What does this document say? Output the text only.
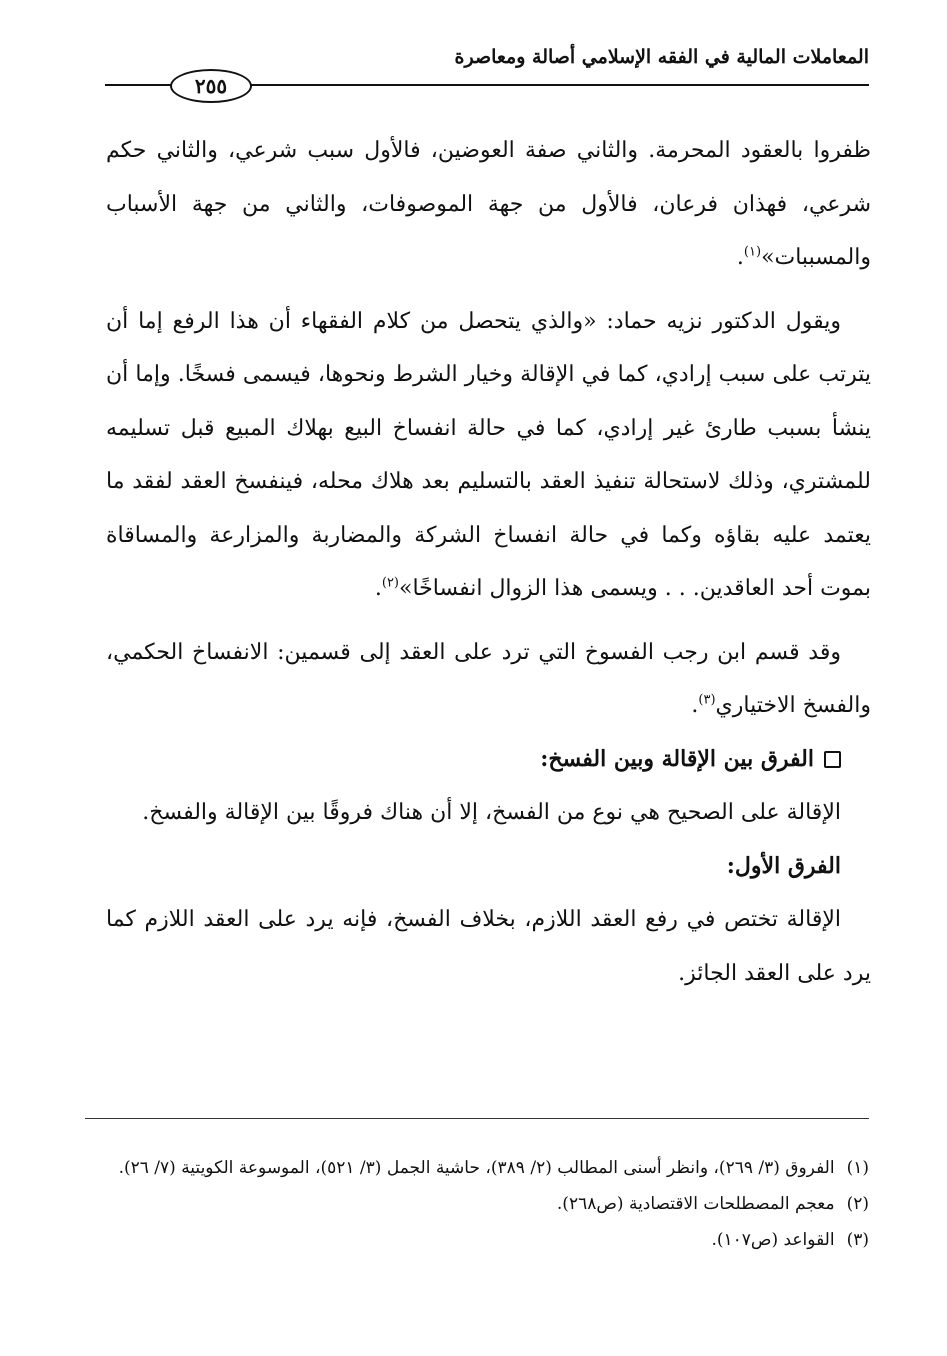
المعاملات المالية في الفقه الإسلامي أصالة ومعاصرة
٢٥٥

ظفروا بالعقود المحرمة. والثاني صفة العوضين، فالأول سبب شرعي، والثاني حكم شرعي، فهذان فرعان، فالأول من جهة الموصوفات، والثاني من جهة الأسباب والمسببات»$^{(١)}$.

ويقول الدكتور نزيه حماد: «والذي يتحصل من كلام الفقهاء أن هذا الرفع إما أن يترتب على سبب إرادي، كما في الإقالة وخيار الشرط ونحوها، فيسمى فسخًا. وإما أن ينشأ بسبب طارئ غير إرادي، كما في حالة انفساخ البيع بهلاك المبيع قبل تسليمه للمشتري، وذلك لاستحالة تنفيذ العقد بالتسليم بعد هلاك محله، فينفسخ العقد لفقد ما يعتمد عليه بقاؤه وكما في حالة انفساخ الشركة والمضاربة والمزارعة والمساقاة بموت أحد العاقدين. . . ويسمى هذا الزوال انفساخًا»$^{(٢)}$.

وقد قسم ابن رجب الفسوخ التي ترد على العقد إلى قسمين: الانفساخ الحكمي، والفسخ الاختياري$^{(٣)}$.

الفرق بين الإقالة وبين الفسخ:

الإقالة على الصحيح هي نوع من الفسخ، إلا أن هناك فروقًا بين الإقالة والفسخ.

الفرق الأول:

الإقالة تختص في رفع العقد اللازم، بخلاف الفسخ، فإنه يرد على العقد اللازم كما يرد على العقد الجائز.

(١)
الفروق (٣/ ٢٦٩)، وانظر أسنى المطالب (٢/ ٣٨٩)، حاشية الجمل (٣/ ٥٢١)، الموسوعة الكويتية (٧/ ٢٦).
(٢)
معجم المصطلحات الاقتصادية (ص٢٦٨).
(٣)
القواعد (ص١٠٧).
